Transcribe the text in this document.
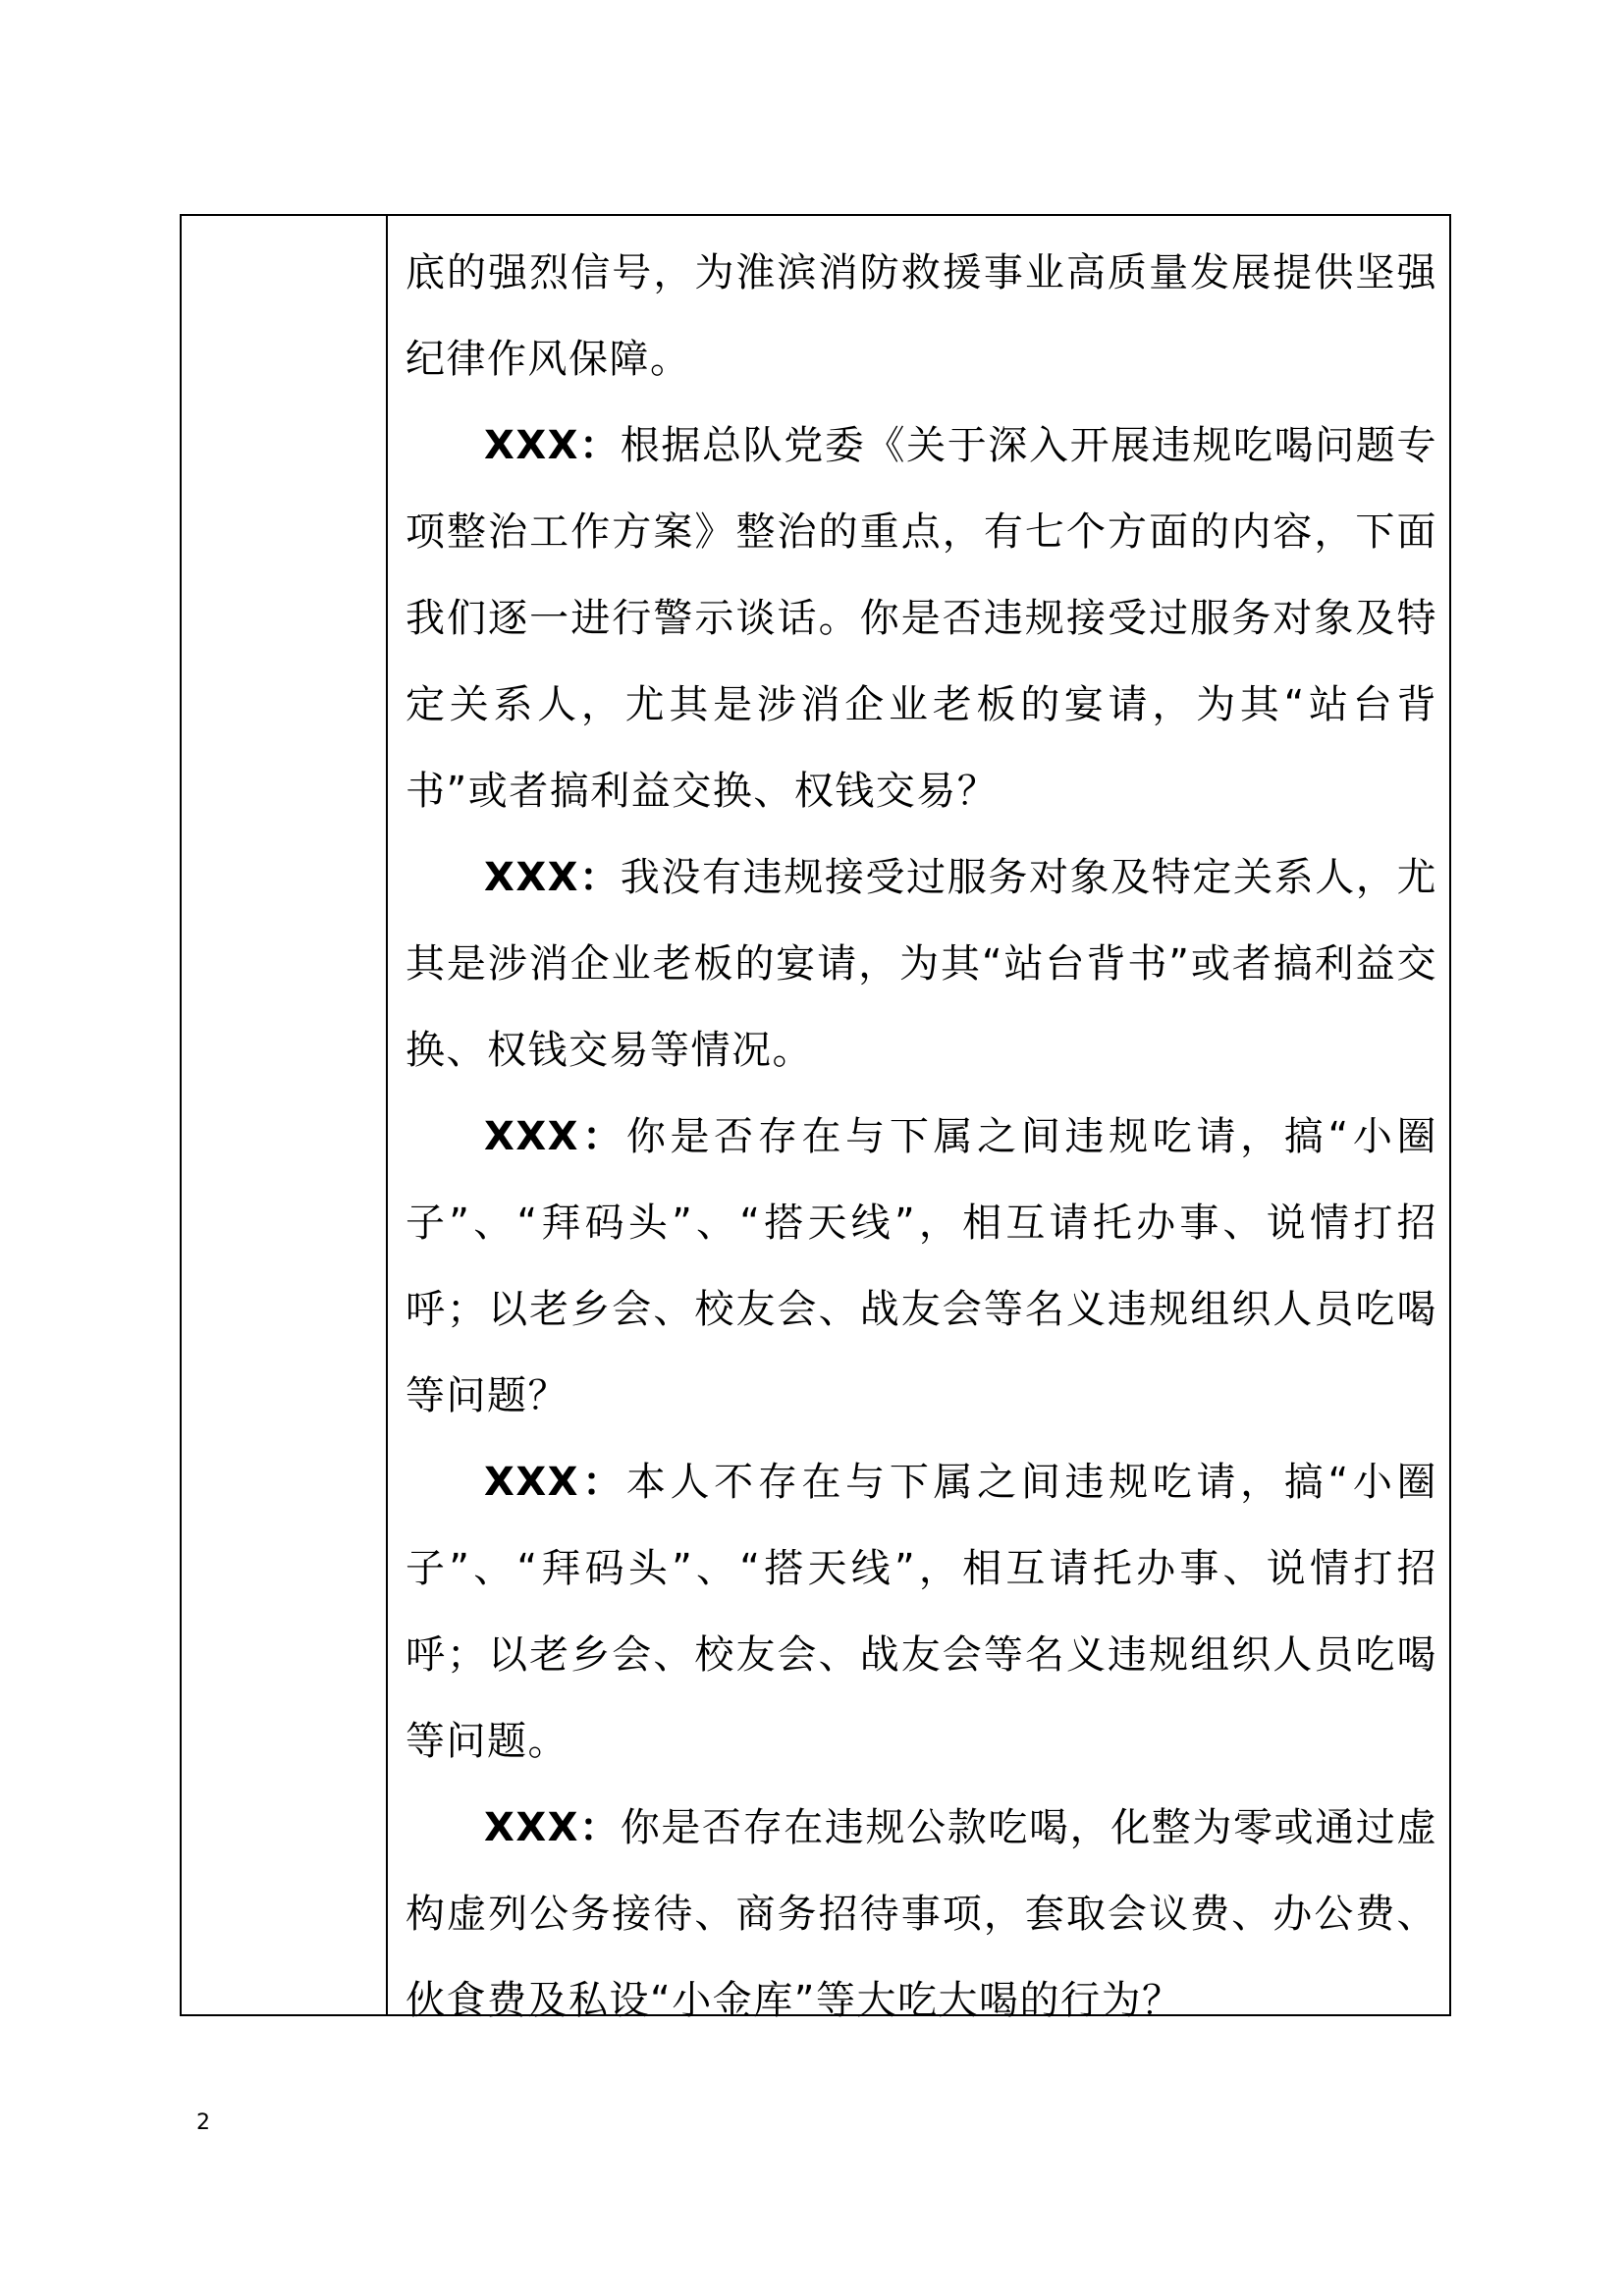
底的强烈信号，为淮滨消防救援事业高质量发展提供坚强纪律作风保障。

XXX：根据总队党委《关于深入开展违规吃喝问题专项整治工作方案》整治的重点，有七个方面的内容，下面我们逐一进行警示谈话。你是否违规接受过服务对象及特定关系人，尤其是涉消企业老板的宴请，为其“站台背书”或者搞利益交换、权钱交易？

XXX：我没有违规接受过服务对象及特定关系人，尤其是涉消企业老板的宴请，为其“站台背书”或者搞利益交换、权钱交易等情况。

XXX：你是否存在与下属之间违规吃请，搞“小圈子”、“拜码头”、“搭天线”，相互请托办事、说情打招呼；以老乡会、校友会、战友会等名义违规组织人员吃喝等问题？

XXX：本人不存在与下属之间违规吃请，搞“小圈子”、“拜码头”、“搭天线”，相互请托办事、说情打招呼；以老乡会、校友会、战友会等名义违规组织人员吃喝等问题。

XXX：你是否存在违规公款吃喝，化整为零或通过虚构虚列公务接待、商务招待事项，套取会议费、办公费、伙食费及私设“小金库”等大吃大喝的行为？

2
